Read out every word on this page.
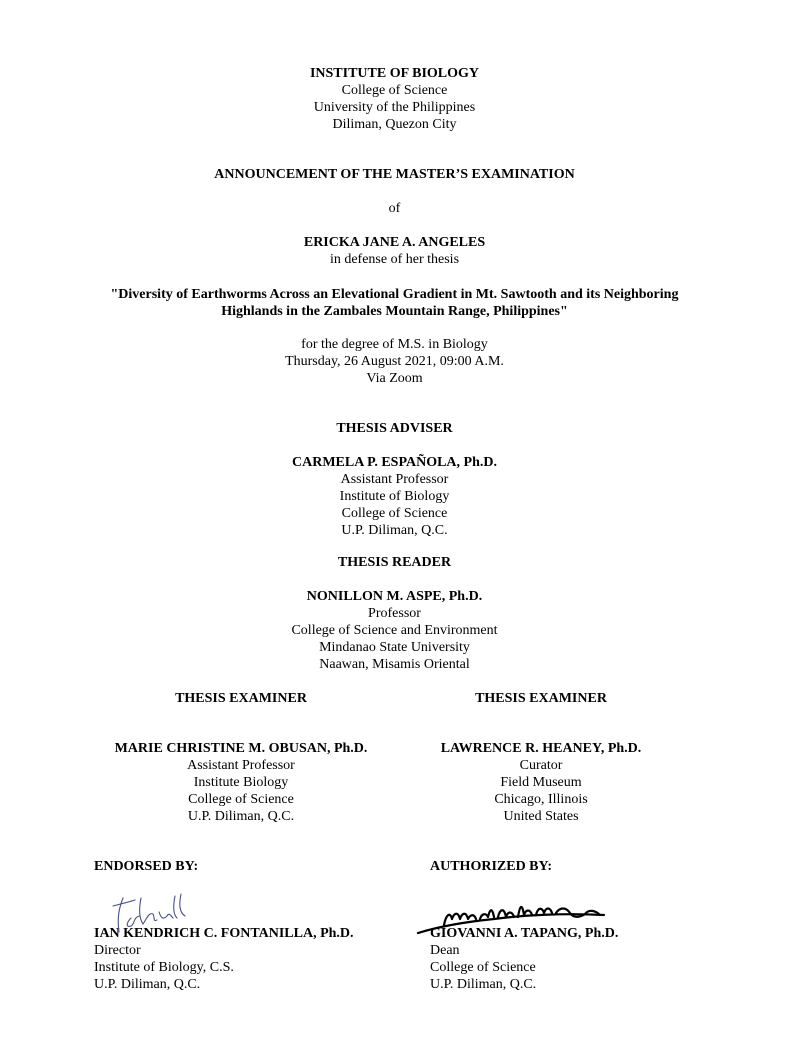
INSTITUTE OF BIOLOGY
College of Science
University of the Philippines
Diliman, Quezon City
ANNOUNCEMENT OF THE MASTER’S EXAMINATION
of
ERICKA JANE A. ANGELES
in defense of her thesis
"Diversity of Earthworms Across an Elevational Gradient in Mt. Sawtooth and its Neighboring
Highlands in the Zambales Mountain Range, Philippines"
for the degree of M.S. in Biology
Thursday, 26 August 2021, 09:00 A.M.
Via Zoom
THESIS ADVISER
CARMELA P. ESPAÑOLA, Ph.D.
Assistant Professor
Institute of Biology
College of Science
U.P. Diliman, Q.C.
THESIS READER
NONILLON M. ASPE, Ph.D.
Professor
College of Science and Environment
Mindanao State University
Naawan, Misamis Oriental
THESIS EXAMINER	THESIS EXAMINER
MARIE CHRISTINE M. OBUSAN, Ph.D.
Assistant Professor
Institute Biology
College of Science
U.P. Diliman, Q.C.
LAWRENCE R. HEANEY, Ph.D.
Curator
Field Museum
Chicago, Illinois
United States
ENDORSED BY:	AUTHORIZED BY:
IAN KENDRICH C. FONTANILLA, Ph.D.
Director
Institute of Biology, C.S.
U.P. Diliman, Q.C.
GIOVANNI A. TAPANG, Ph.D.
Dean
College of Science
U.P. Diliman, Q.C.
